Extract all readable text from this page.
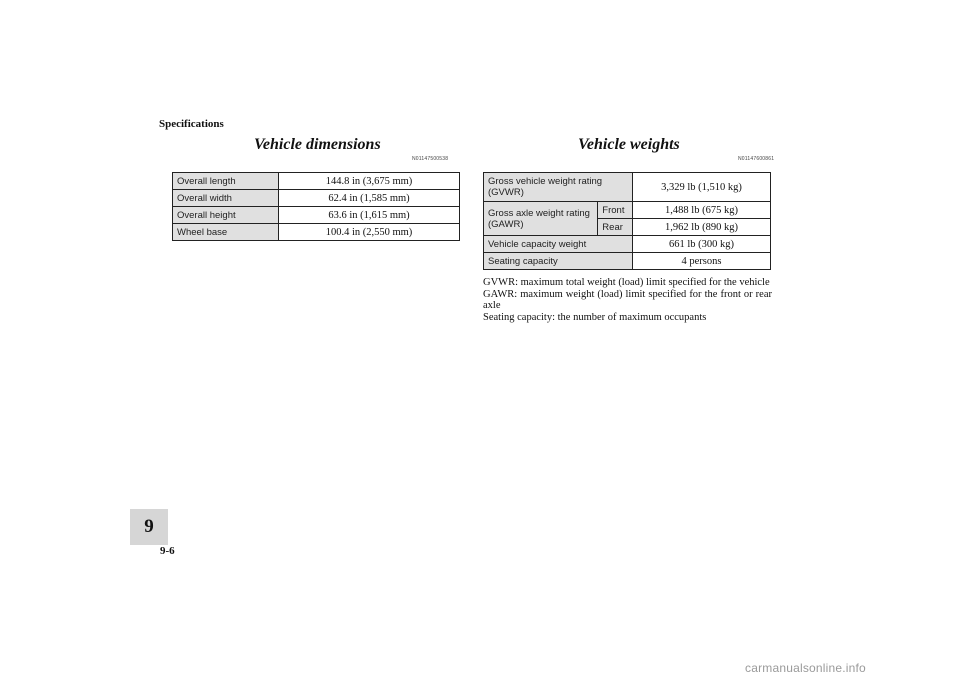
Specifications
Vehicle dimensions
N01147500538
Overall length	144.8 in (3,675 mm)
Overall width	62.4 in (1,585 mm)
Overall height	63.6 in (1,615 mm)
Wheel base	100.4 in (2,550 mm)
Vehicle weights
N01147600861
Gross vehicle weight rating (GVWR)		3,329 lb (1,510 kg)
Gross axle weight rating (GAWR)	Front	1,488 lb (675 kg)
	Rear	1,962 lb (890 kg)
Vehicle capacity weight		661 lb (300 kg)
Seating capacity		4 persons

GVWR: maximum total weight (load) limit specified for the vehicle

GAWR: maximum weight (load) limit specified for the front or rear axle

Seating capacity: the number of maximum occupants

9
9-6
carmanualsonline.info
